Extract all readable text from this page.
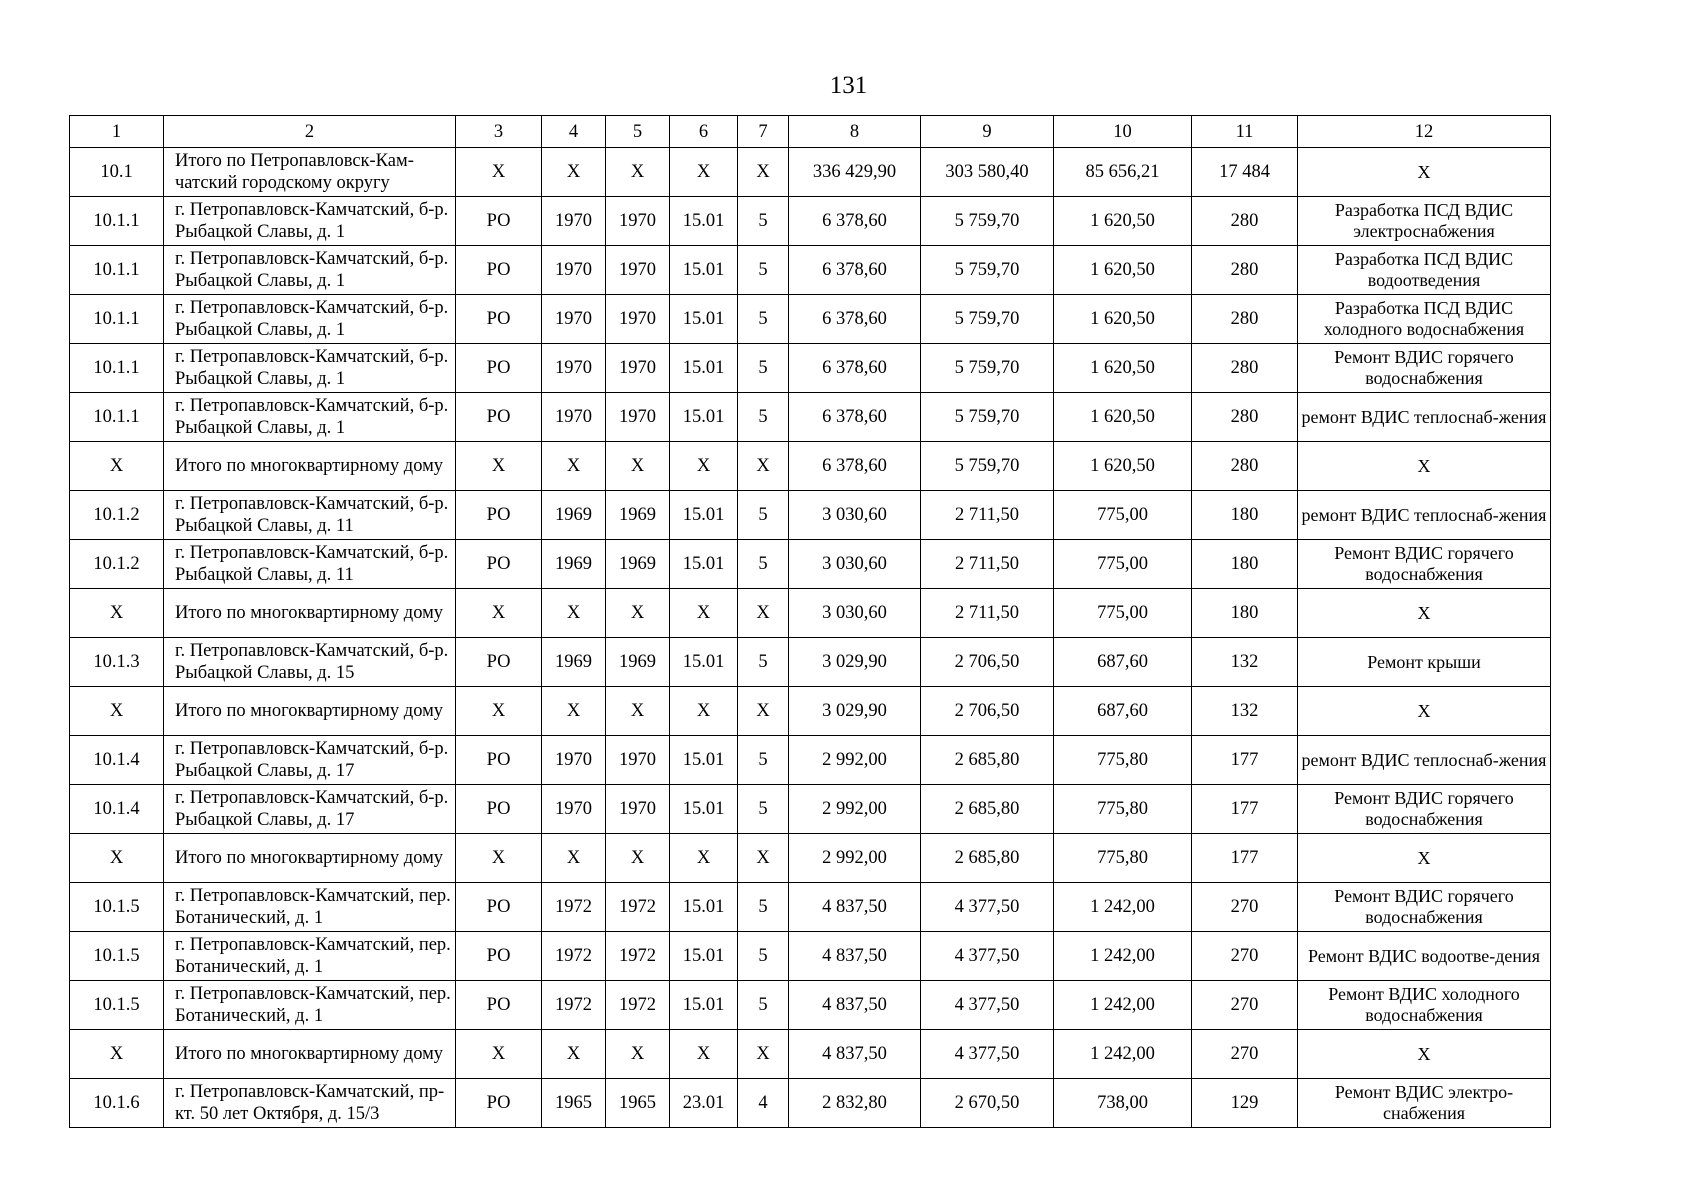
131
1	2	3	4	5	6	7	8	9	10	11	12
10.1	Итого по Петропавловск-Кам-чатский городскому округу	X	X	X	X	X	336 429,90	303 580,40	85 656,21	17 484	X
10.1.1	г. Петропавловск-Камчатский, б-р. Рыбацкой Славы, д. 1	РО	1970	1970	15.01	5	6 378,60	5 759,70	1 620,50	280	Разработка ПСД ВДИС электроснабжения
10.1.1	г. Петропавловск-Камчатский, б-р. Рыбацкой Славы, д. 1	РО	1970	1970	15.01	5	6 378,60	5 759,70	1 620,50	280	Разработка ПСД ВДИС водоотведения
10.1.1	г. Петропавловск-Камчатский, б-р. Рыбацкой Славы, д. 1	РО	1970	1970	15.01	5	6 378,60	5 759,70	1 620,50	280	Разработка ПСД ВДИС холодного водоснабжения
10.1.1	г. Петропавловск-Камчатский, б-р. Рыбацкой Славы, д. 1	РО	1970	1970	15.01	5	6 378,60	5 759,70	1 620,50	280	Ремонт ВДИС горячего водоснабжения
10.1.1	г. Петропавловск-Камчатский, б-р. Рыбацкой Славы, д. 1	РО	1970	1970	15.01	5	6 378,60	5 759,70	1 620,50	280	ремонт ВДИС теплоснаб-жения
X	Итого по многоквартирному дому	X	X	X	X	X	6 378,60	5 759,70	1 620,50	280	X
10.1.2	г. Петропавловск-Камчатский, б-р. Рыбацкой Славы, д. 11	РО	1969	1969	15.01	5	3 030,60	2 711,50	775,00	180	ремонт ВДИС теплоснаб-жения
10.1.2	г. Петропавловск-Камчатский, б-р. Рыбацкой Славы, д. 11	РО	1969	1969	15.01	5	3 030,60	2 711,50	775,00	180	Ремонт ВДИС горячего водоснабжения
X	Итого по многоквартирному дому	X	X	X	X	X	3 030,60	2 711,50	775,00	180	X
10.1.3	г. Петропавловск-Камчатский, б-р. Рыбацкой Славы, д. 15	РО	1969	1969	15.01	5	3 029,90	2 706,50	687,60	132	Ремонт крыши
X	Итого по многоквартирному дому	X	X	X	X	X	3 029,90	2 706,50	687,60	132	X
10.1.4	г. Петропавловск-Камчатский, б-р. Рыбацкой Славы, д. 17	РО	1970	1970	15.01	5	2 992,00	2 685,80	775,80	177	ремонт ВДИС теплоснаб-жения
10.1.4	г. Петропавловск-Камчатский, б-р. Рыбацкой Славы, д. 17	РО	1970	1970	15.01	5	2 992,00	2 685,80	775,80	177	Ремонт ВДИС горячего водоснабжения
X	Итого по многоквартирному дому	X	X	X	X	X	2 992,00	2 685,80	775,80	177	X
10.1.5	г. Петропавловск-Камчатский, пер. Ботанический, д. 1	РО	1972	1972	15.01	5	4 837,50	4 377,50	1 242,00	270	Ремонт ВДИС горячего водоснабжения
10.1.5	г. Петропавловск-Камчатский, пер. Ботанический, д. 1	РО	1972	1972	15.01	5	4 837,50	4 377,50	1 242,00	270	Ремонт ВДИС водоотве-дения
10.1.5	г. Петропавловск-Камчатский, пер. Ботанический, д. 1	РО	1972	1972	15.01	5	4 837,50	4 377,50	1 242,00	270	Ремонт ВДИС холодного водоснабжения
X	Итого по многоквартирному дому	X	X	X	X	X	4 837,50	4 377,50	1 242,00	270	X
10.1.6	г. Петропавловск-Камчатский, пр-кт. 50 лет Октября, д. 15/3	РО	1965	1965	23.01	4	2 832,80	2 670,50	738,00	129	Ремонт ВДИС электро-снабжения
